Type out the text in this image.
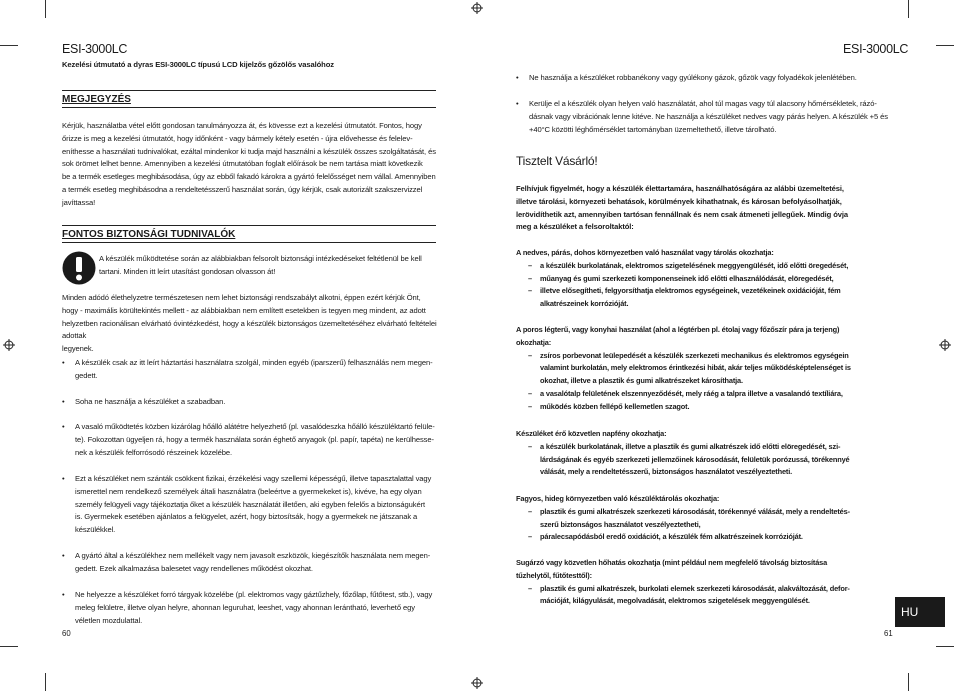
ESI-3000LC
Kezelési útmutató a dyras ESI-3000LC típusú LCD kijelzős gőzölős vasalóhoz
MEGJEGYZÉS
Kérjük, használatba vétel előtt gondosan tanulmányozza át, és kövesse ezt a kezelési útmutatót. Fontos, hogy
őrizze is meg a kezelési útmutatót, hogy időnként - vagy bármely kétely esetén - újra elővehesse és felelev-
eníthesse a használati tudnivalókat, ezáltal mindenkor ki tudja majd használni a készülék összes szolgáltatását, és
sok örömet lelhet benne. Amennyiben a kezelési útmutatóban foglalt előírások be nem tartása miatt következik
be a termék esetleges meghibásodása, úgy az ebből fakadó károkra a gyártó felelősséget nem vállal. Amennyiben
a termék esetleg meghibásodna a rendeltetésszerű használat során, úgy kérjük, csak autorizált szakszervizzel
javíttassa!
FONTOS BIZTONSÁGI TUDNIVALÓK
A készülék működtetése során az alábbiakban felsorolt biztonsági intézkedéseket feltétlenül be kell
tartani. Minden itt leírt utasítást gondosan olvasson át!
Minden adódó élethelyzetre természetesen nem lehet biztonsági rendszabályt alkotni, éppen ezért kérjük Önt,
hogy - maximális körültekintés mellett - az alábbiakban nem említett esetekben is tegyen meg mindent, az adott
helyzetben racionálisan elvárható óvintézkedést, hogy a készülék biztonságos üzemeltetéséhez elvárható feltételei adottak
legyenek.
• A készülék csak az itt leírt háztartási használatra szolgál, minden egyéb (iparszerű) felhasználás nem megen-
gedett.
• Soha ne használja a készüléket a szabadban.
• A vasaló működtetés közben kizárólag hőálló alátétre helyezhető (pl. vasalódeszka hőálló készüléktartó felüle-
te). Fokozottan ügyeljen rá, hogy a termék használata során éghető anyagok (pl. papír, tapéta) ne kerülhesse-
nek a készülék felforrósodó részeinek közelébe.
• Ezt a készüléket nem szánták csökkent fizikai, érzékelési vagy szellemi képességű, illetve tapasztalattal vagy
ismerettel nem rendelkező személyek általi használatra (beleértve a gyermekeket is), kivéve, ha egy olyan
személy felügyeli vagy tájékoztatja őket a készülék használatát illetően, aki egyben felelős a biztonságukért
is. Gyermekek esetében ajánlatos a felügyelet, azért, hogy biztosítsák, hogy a gyermekek ne játszanak a
készülékkel.
• A gyártó által a készülékhez nem mellékelt vagy nem javasolt eszközök, kiegészítők használata nem megen-
gedett. Ezek alkalmazása balesetet vagy rendellenes működést okozhat.
• Ne helyezze a készüléket forró tárgyak közelébe (pl. elektromos vagy gáztűzhely, főzőlap, fűtőtest, stb.), vagy
meleg felületre, illetve olyan helyre, ahonnan leguruhat, leeshet, vagy ahonnan lerántható, leverhető egy
véletlen mozdulattal.
60
ESI-3000LC
• Ne használja a készüléket robbanékony vagy gyúlékony gázok, gőzök vagy folyadékok jelenlétében.
• Kerülje el a készülék olyan helyen való használatát, ahol túl magas vagy túl alacsony hőmérsékletek, rázó-
dásnak vagy vibrációnak lenne kitéve. Ne használja a készüléket nedves vagy párás helyen. A készülék +5 és
+40°C közötti léghőmérséklet tartományban üzemeltethető, illetve tárolható.
Tisztelt Vásárló!
Felhívjuk figyelmét, hogy a készülék élettartamára, használhatóságára az alábbi üzemeltetési,
illetve tárolási, környezeti behatások, körülmények kihathatnak, és károsan befolyásolhatják,
lerövidíthetik azt, amennyiben tartósan fennállnak és nem csak átmeneti jellegűek. Mindig óvja
meg a készüléket a felsoroltaktól:
A nedves, párás, dohos környezetben való használat vagy tárolás okozhatja:
– a készülék burkolatának, elektromos szigetelésének meggyengülését, idő előtti öregedését,
– műanyag és gumi szerkezeti komponenseinek idő előtti elhasználódását, elöregedését,
– illetve elősegítheti, felgyorsíthatja elektromos egységeinek, vezetékeinek oxidációját, fém
alkatrészeinek korrózióját.
A poros légterű, vagy konyhai használat (ahol a légtérben pl. étolaj vagy főzőszír pára ja terjeng)
okozhatja:
– zsíros porbevonat leülepedését a készülék szerkezeti mechanikus és elektromos egységein
valamint burkolatán, mely elektromos érintkezési hibát, akár teljes működésképtelenséget is
okozhat, illetve a plasztik és gumi alkatrészeket károsíthatja.
– a vasalótalp felületének elszennyeződését, mely ráég a talpra illetve a vasalandó textíliára,
– működés közben fellépő kellemetlen szagot.
Készüléket érő közvetlen napfény okozhatja:
– a készülék burkolatának, illetve a plasztik és gumi alkatrészek idő előtti elöregedését, szi-
lárdságának és egyéb szerkezeti jellemzőinek károsodását, felületük porózussá, törékennyé
válását, mely a rendeltetésszerű, biztonságos használatot veszélyeztetheti.
Fagyos, hideg környezetben való készüléktárolás okozhatja:
– plasztik és gumi alkatrészek szerkezeti károsodását, törékennyé válását, mely a rendeltetés-
szerű biztonságos használatot veszélyeztetheti,
– páralecsapódásból eredő oxidációt, a készülék fém alkatrészeinek korrózióját.
Sugárzó vagy közvetlen hőhatás okozhatja (mint például nem megfelelő távolság biztosítása
tűzhelytől, fűtőtesttől):
– plasztik és gumi alkatrészek, burkolati elemek szerkezeti károsodását, alakváltozását, defor-
mációját, kilágyulását, megolvadását, elektromos szigetelések meggyengülését.
HU
61
